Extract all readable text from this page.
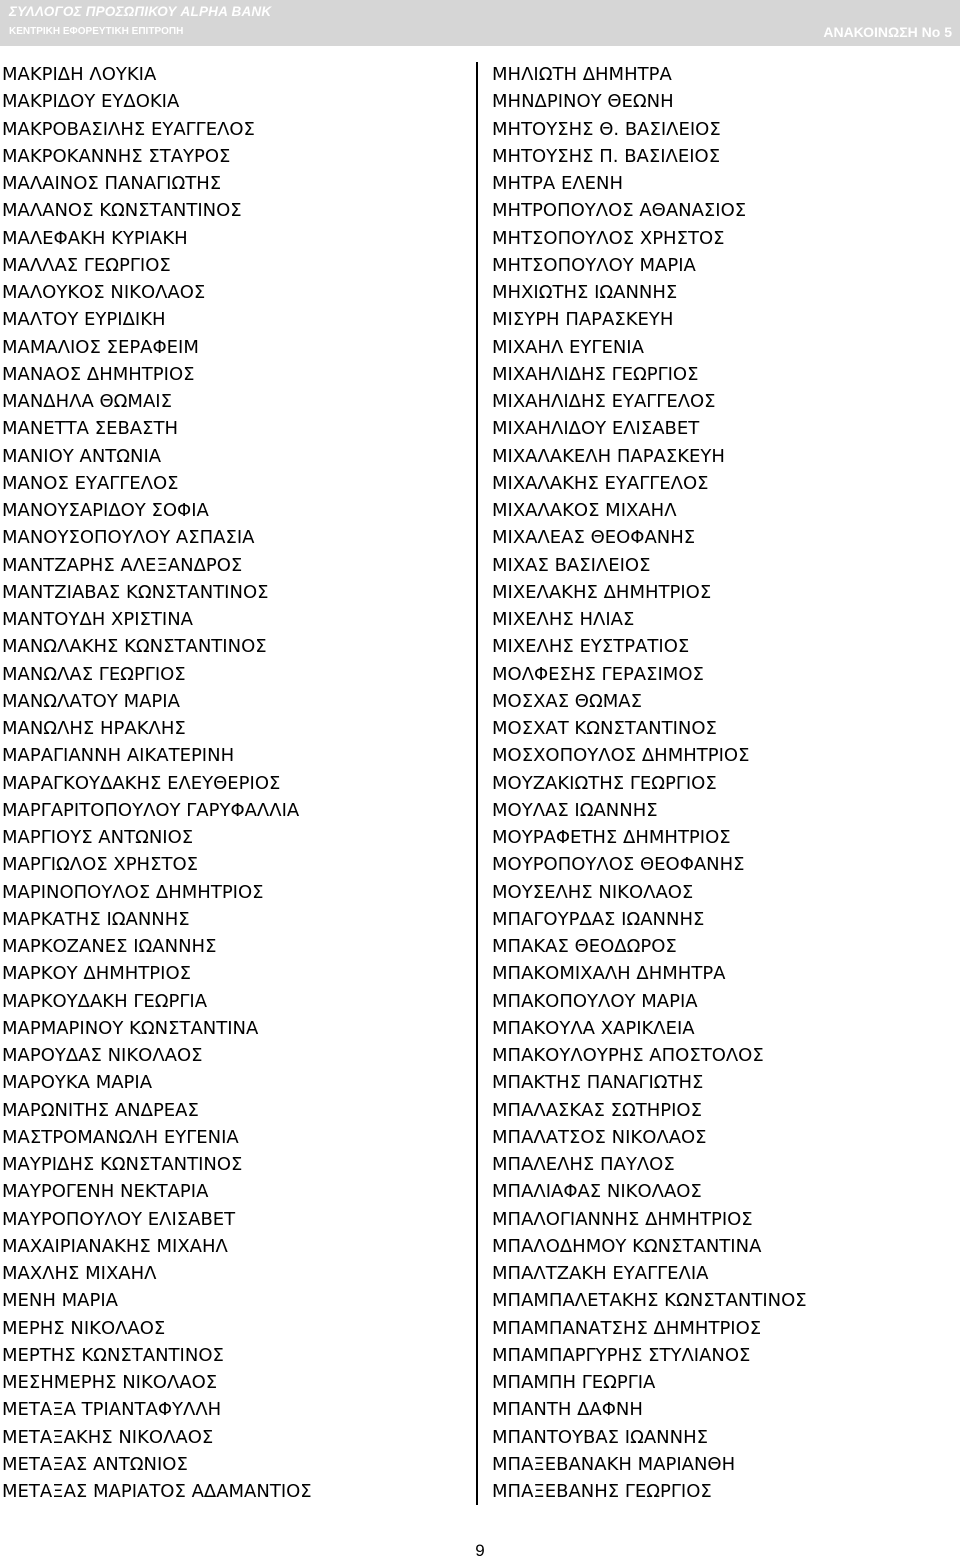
ΣΥΛΛΟΓΟΣ ΠΡΟΣΩΠΙΚΟΥ ALPHA BANK
ΚΕΝΤΡΙΚΗ ΕΦΟΡΕΥΤΙΚΗ ΕΠΙΤΡΟΠΗ	ΑΝΑΚΟΙΝΩΣΗ Νο 5
ΜΑΚΡΙΔΗ ΛΟΥΚΙΑ
ΜΑΚΡΙΔΟΥ ΕΥΔΟΚΙΑ
ΜΑΚΡΟΒΑΣΙΛΗΣ ΕΥΑΓΓΕΛΟΣ
ΜΑΚΡΟΚΑΝΝΗΣ ΣΤΑΥΡΟΣ
ΜΑΛΑΙΝΟΣ ΠΑΝΑΓΙΩΤΗΣ
ΜΑΛΑΝΟΣ ΚΩΝΣΤΑΝΤΙΝΟΣ
ΜΑΛΕΦΑΚΗ ΚΥΡΙΑΚΗ
ΜΑΛΛΑΣ ΓΕΩΡΓΙΟΣ
ΜΑΛΟΥΚΟΣ ΝΙΚΟΛΑΟΣ
ΜΑΛΤΟΥ ΕΥΡΙΔΙΚΗ
ΜΑΜΑΛΙΟΣ ΣΕΡΑΦΕΙΜ
ΜΑΝΑΟΣ ΔΗΜΗΤΡΙΟΣ
ΜΑΝΔΗΛΑ ΘΩΜΑΙΣ
ΜΑΝΕΤΤΑ ΣΕΒΑΣΤΗ
ΜΑΝΙΟΥ ΑΝΤΩΝΙΑ
ΜΑΝΟΣ ΕΥΑΓΓΕΛΟΣ
ΜΑΝΟΥΣΑΡΙΔΟΥ ΣΟΦΙΑ
ΜΑΝΟΥΣΟΠΟΥΛΟΥ ΑΣΠΑΣΙΑ
ΜΑΝΤΖΑΡΗΣ ΑΛΕΞΑΝΔΡΟΣ
ΜΑΝΤΖΙΑΒΑΣ ΚΩΝΣΤΑΝΤΙΝΟΣ
ΜΑΝΤΟΥΔΗ ΧΡΙΣΤΙΝΑ
ΜΑΝΩΛΑΚΗΣ ΚΩΝΣΤΑΝΤΙΝΟΣ
ΜΑΝΩΛΑΣ ΓΕΩΡΓΙΟΣ
ΜΑΝΩΛΑΤΟΥ ΜΑΡΙΑ
ΜΑΝΩΛΗΣ ΗΡΑΚΛΗΣ
ΜΑΡΑΓΙΑΝΝΗ ΑΙΚΑΤΕΡΙΝΗ
ΜΑΡΑΓΚΟΥΔΑΚΗΣ ΕΛΕΥΘΕΡΙΟΣ
ΜΑΡΓΑΡΙΤΟΠΟΥΛΟΥ ΓΑΡΥΦΑΛΛΙΑ
ΜΑΡΓΙΟΥΣ ΑΝΤΩΝΙΟΣ
ΜΑΡΓΙΩΛΟΣ ΧΡΗΣΤΟΣ
ΜΑΡΙΝΟΠΟΥΛΟΣ ΔΗΜΗΤΡΙΟΣ
ΜΑΡΚΑΤΗΣ ΙΩΑΝΝΗΣ
ΜΑΡΚΟΖΑΝΕΣ ΙΩΑΝΝΗΣ
ΜΑΡΚΟΥ ΔΗΜΗΤΡΙΟΣ
ΜΑΡΚΟΥΔΑΚΗ ΓΕΩΡΓΙΑ
ΜΑΡΜΑΡΙΝΟΥ ΚΩΝΣΤΑΝΤΙΝΑ
ΜΑΡΟΥΔΑΣ ΝΙΚΟΛΑΟΣ
ΜΑΡΟΥΚΑ ΜΑΡΙΑ
ΜΑΡΩΝΙΤΗΣ ΑΝΔΡΕΑΣ
ΜΑΣΤΡΟΜΑΝΩΛΗ ΕΥΓΕΝΙΑ
ΜΑΥΡΙΔΗΣ ΚΩΝΣΤΑΝΤΙΝΟΣ
ΜΑΥΡΟΓΕΝΗ ΝΕΚΤΑΡΙΑ
ΜΑΥΡΟΠΟΥΛΟΥ ΕΛΙΣΑΒΕΤ
ΜΑΧΑΙΡΙΑΝΑΚΗΣ ΜΙΧΑΗΛ
ΜΑΧΛΗΣ ΜΙΧΑΗΛ
ΜΕΝΗ ΜΑΡΙΑ
ΜΕΡΗΣ ΝΙΚΟΛΑΟΣ
ΜΕΡΤΗΣ ΚΩΝΣΤΑΝΤΙΝΟΣ
ΜΕΣΗΜΕΡΗΣ ΝΙΚΟΛΑΟΣ
ΜΕΤΑΞΑ ΤΡΙΑΝΤΑΦΥΛΛΗ
ΜΕΤΑΞΑΚΗΣ ΝΙΚΟΛΑΟΣ
ΜΕΤΑΞΑΣ ΑΝΤΩΝΙΟΣ
ΜΕΤΑΞΑΣ ΜΑΡΙΑΤΟΣ ΑΔΑΜΑΝΤΙΟΣ
ΜΗΛΙΩΤΗ ΔΗΜΗΤΡΑ
ΜΗΝΔΡΙΝΟΥ ΘΕΩΝΗ
ΜΗΤΟΥΣΗΣ Θ. ΒΑΣΙΛΕΙΟΣ
ΜΗΤΟΥΣΗΣ Π. ΒΑΣΙΛΕΙΟΣ
ΜΗΤΡΑ ΕΛΕΝΗ
ΜΗΤΡΟΠΟΥΛΟΣ ΑΘΑΝΑΣΙΟΣ
ΜΗΤΣΟΠΟΥΛΟΣ ΧΡΗΣΤΟΣ
ΜΗΤΣΟΠΟΥΛΟΥ ΜΑΡΙΑ
ΜΗΧΙΩΤΗΣ ΙΩΑΝΝΗΣ
ΜΙΣΥΡΗ ΠΑΡΑΣΚΕΥΗ
ΜΙΧΑΗΛ ΕΥΓΕΝΙΑ
ΜΙΧΑΗΛΙΔΗΣ ΓΕΩΡΓΙΟΣ
ΜΙΧΑΗΛΙΔΗΣ ΕΥΑΓΓΕΛΟΣ
ΜΙΧΑΗΛΙΔΟΥ ΕΛΙΣΑΒΕΤ
ΜΙΧΑΛΑΚΕΛΗ ΠΑΡΑΣΚΕΥΗ
ΜΙΧΑΛΑΚΗΣ ΕΥΑΓΓΕΛΟΣ
ΜΙΧΑΛΑΚΟΣ ΜΙΧΑΗΛ
ΜΙΧΑΛΕΑΣ ΘΕΟΦΑΝΗΣ
ΜΙΧΑΣ ΒΑΣΙΛΕΙΟΣ
ΜΙΧΕΛΑΚΗΣ ΔΗΜΗΤΡΙΟΣ
ΜΙΧΕΛΗΣ ΗΛΙΑΣ
ΜΙΧΕΛΗΣ ΕΥΣΤΡΑΤΙΟΣ
ΜΟΛΦΕΣΗΣ ΓΕΡΑΣΙΜΟΣ
ΜΟΣΧΑΣ ΘΩΜΑΣ
ΜΟΣΧΑΤ ΚΩΝΣΤΑΝΤΙΝΟΣ
ΜΟΣΧΟΠΟΥΛΟΣ ΔΗΜΗΤΡΙΟΣ
ΜΟΥΖΑΚΙΩΤΗΣ ΓΕΩΡΓΙΟΣ
ΜΟΥΛΑΣ ΙΩΑΝΝΗΣ
ΜΟΥΡΑΦΕΤΗΣ ΔΗΜΗΤΡΙΟΣ
ΜΟΥΡΟΠΟΥΛΟΣ ΘΕΟΦΑΝΗΣ
ΜΟΥΣΕΛΗΣ ΝΙΚΟΛΑΟΣ
ΜΠΑΓΟΥΡΔΑΣ ΙΩΑΝΝΗΣ
ΜΠΑΚΑΣ ΘΕΟΔΩΡΟΣ
ΜΠΑΚΟΜΙΧΑΛΗ ΔΗΜΗΤΡΑ
ΜΠΑΚΟΠΟΥΛΟΥ ΜΑΡΙΑ
ΜΠΑΚΟΥΛΑ ΧΑΡΙΚΛΕΙΑ
ΜΠΑΚΟΥΛΟΥΡΗΣ ΑΠΟΣΤΟΛΟΣ
ΜΠΑΚΤΗΣ ΠΑΝΑΓΙΩΤΗΣ
ΜΠΑΛΑΣΚΑΣ ΣΩΤΗΡΙΟΣ
ΜΠΑΛΑΤΣΟΣ ΝΙΚΟΛΑΟΣ
ΜΠΑΛΕΛΗΣ ΠΑΥΛΟΣ
ΜΠΑΛΙΑΦΑΣ ΝΙΚΟΛΑΟΣ
ΜΠΑΛΟΓΙΑΝΝΗΣ ΔΗΜΗΤΡΙΟΣ
ΜΠΑΛΟΔΗΜΟΥ ΚΩΝΣΤΑΝΤΙΝΑ
ΜΠΑΛΤΖΑΚΗ ΕΥΑΓΓΕΛΙΑ
ΜΠΑΜΠΑΛΕΤΑΚΗΣ ΚΩΝΣΤΑΝΤΙΝΟΣ
ΜΠΑΜΠΑΝΑΤΣΗΣ ΔΗΜΗΤΡΙΟΣ
ΜΠΑΜΠΑΡΓΥΡΗΣ ΣΤΥΛΙΑΝΟΣ
ΜΠΑΜΠΗ ΓΕΩΡΓΙΑ
ΜΠΑΝΤΗ ΔΑΦΝΗ
ΜΠΑΝΤΟΥΒΑΣ ΙΩΑΝΝΗΣ
ΜΠΑΞΕΒΑΝΑΚΗ ΜΑΡΙΑΝΘΗ
ΜΠΑΞΕΒΑΝΗΣ ΓΕΩΡΓΙΟΣ
9
